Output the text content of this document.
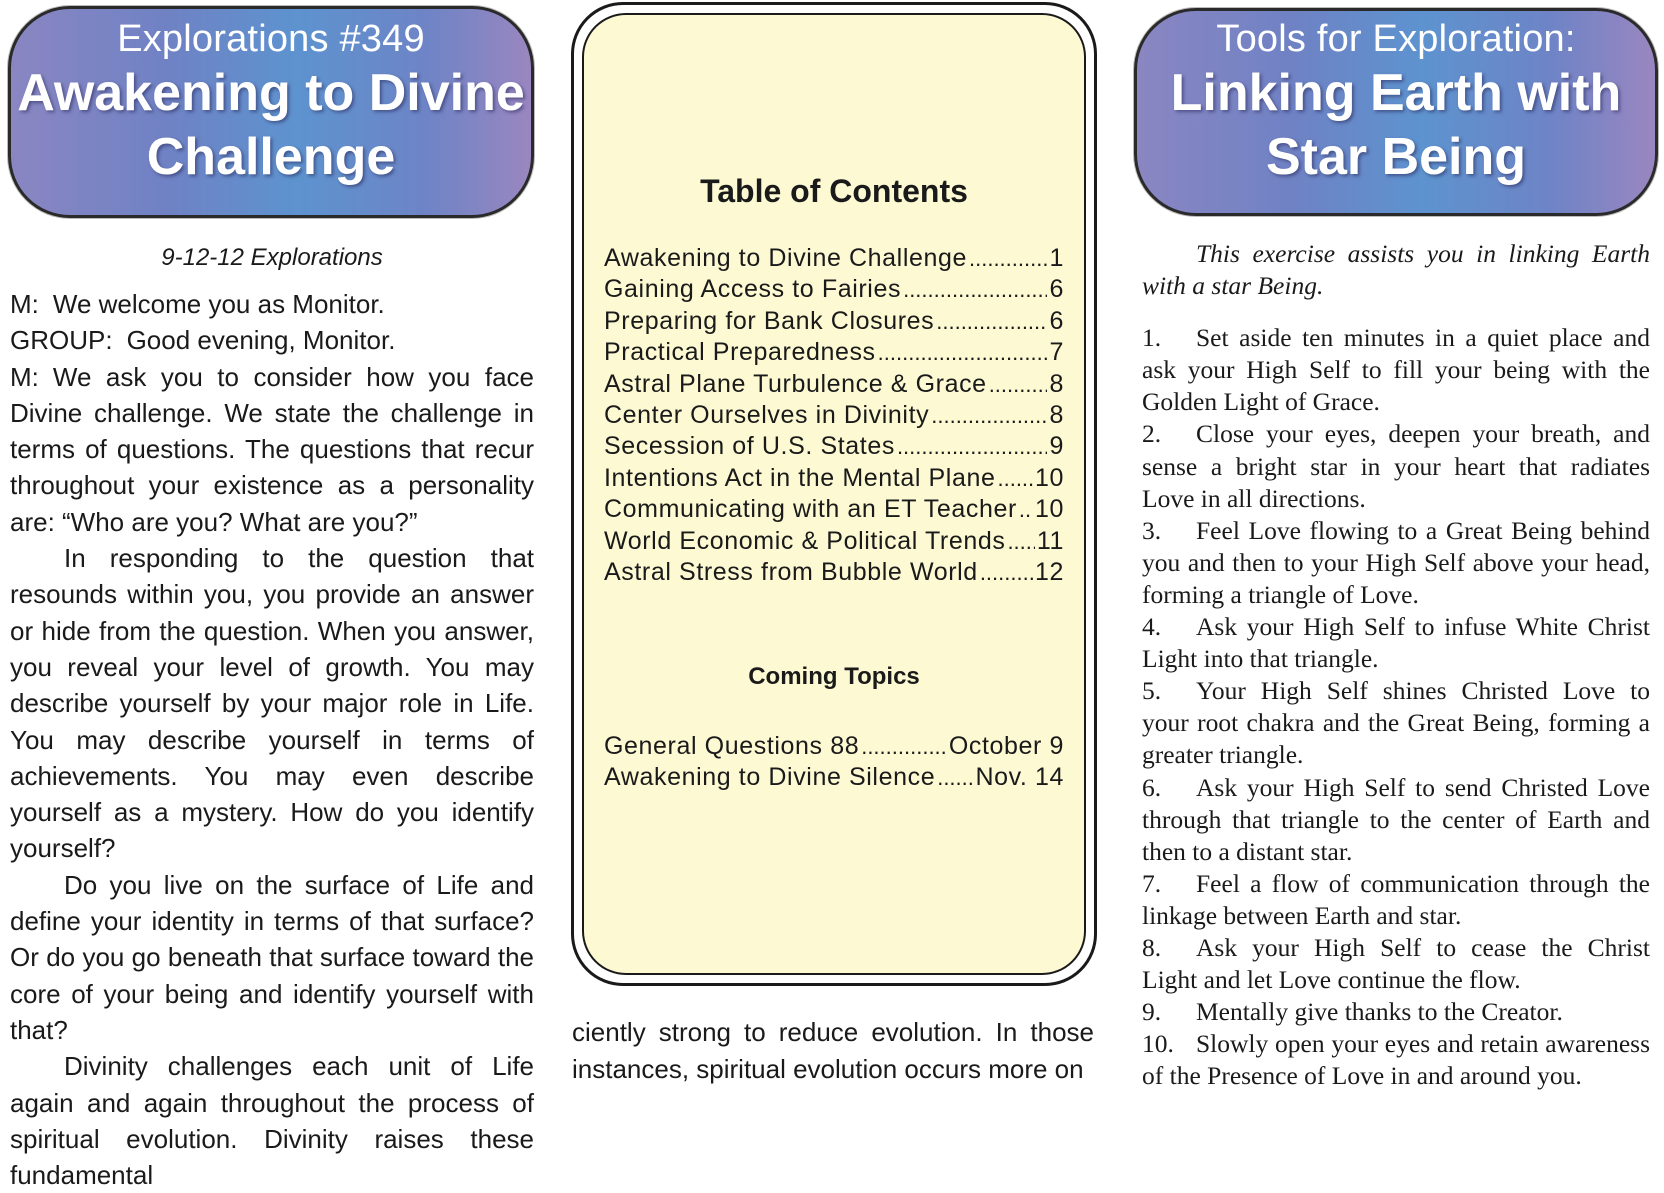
Explorations #349
Awakening to Divine
Challenge

9-12-12 Explorations

M: We welcome you as Monitor.

GROUP: Good evening, Monitor.

M: We ask you to consider how you face Divine challenge. We state the challenge in terms of questions. The questions that recur throughout your existence as a personality are: “Who are you? What are you?”

In responding to the question that resounds within you, you provide an answer or hide from the question. When you answer, you reveal your level of growth. You may describe yourself by your major role in Life. You may describe yourself in terms of achievements. You may even describe yourself as a mystery. How do you identify yourself?

Do you live on the surface of Life and define your identity in terms of that surface? Or do you go beneath that surface toward the core of your being and identify yourself with that?

Divinity challenges each unit of Life again and again throughout the process of spiritual evolution. Divinity raises these fundamental

Table of Contents
Awakening to Divine Challenge .....	1
Gaining Access to Fairies .....	6
Preparing for Bank Closures .....	6
Practical Preparedness .....	7
Astral Plane Turbulence & Grace .....	8
Center Ourselves in Divinity .....	8
Secession of U.S. States .....	9
Intentions Act in the Mental Plane ..... 10
Communicating with an ET Teacher ..... 10
World Economic & Political Trends ..... 11
Astral Stress from Bubble World ..... 12
Coming Topics
General Questions 88 .....	October 9
Awakening to Divine Silence ..... Nov. 14

ciently strong to reduce evolution. In those instances, spiritual evolution occurs more on

Tools for Exploration:
Linking Earth with
Star Being

This exercise assists you in linking Earth with a star Being.

1. Set aside ten minutes in a quiet place and ask your High Self to fill your being with the Golden Light of Grace.
2. Close your eyes, deepen your breath, and sense a bright star in your heart that radiates Love in all directions.
3. Feel Love flowing to a Great Being behind you and then to your High Self above your head, forming a triangle of Love.
4. Ask your High Self to infuse White Christ Light into that triangle.
5. Your High Self shines Christed Love to your root chakra and the Great Being, forming a greater triangle.
6. Ask your High Self to send Christed Love through that triangle to the center of Earth and then to a distant star.
7. Feel a flow of communication through the linkage between Earth and star.
8. Ask your High Self to cease the Christ Light and let Love continue the flow.
9. Mentally give thanks to the Creator.
10. Slowly open your eyes and retain awareness of the Presence of Love in and around you.
